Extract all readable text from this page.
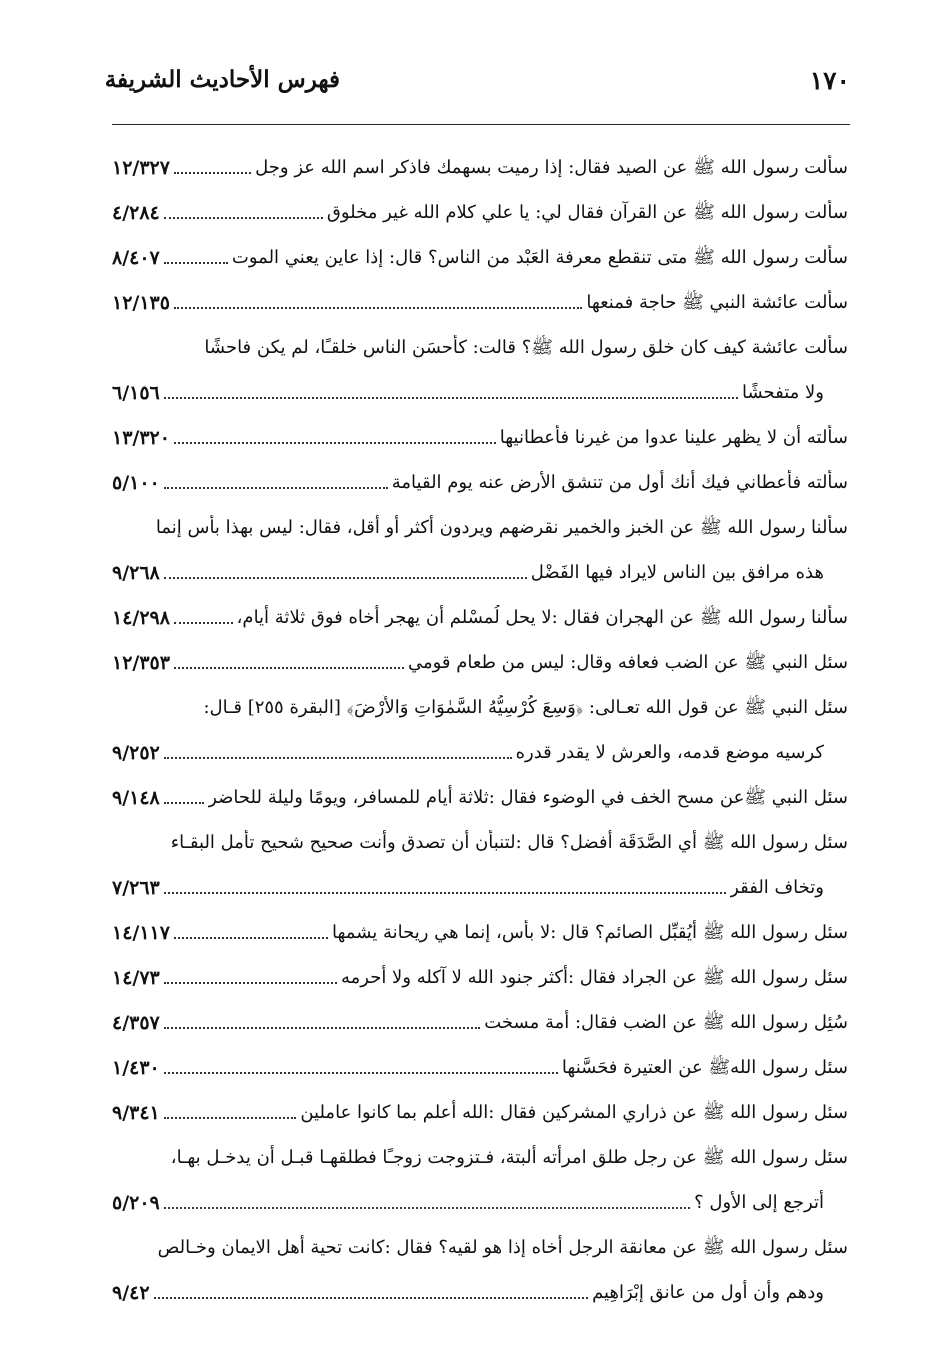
١٧٠
فهرس الأحاديث الشريفة
سألت رسول الله ﷺ عن الصيد فقال: إذا رميت بسهمك فاذكر اسم الله عز وجل
١٢/٣٢٧
سألت رسول الله ﷺ عن القرآن فقال لي: يا علي كلام الله غير مخلوق
٤/٢٨٤
سألت رسول الله ﷺ متى تنقطع معرفة العَبْد من الناس؟ قال: إذا عاين يعني الموت
٨/٤٠٧
سألت عائشة النبي ﷺ حاجة فمنعها
١٢/١٣٥
سألت عائشة كيف كان خلق رسول الله ﷺ؟ قالت: كأَحسَن الناس خلقـًا، لم يكن فاحشًا
ولا متفحشًا
٦/١٥٦
سألته أن لا يظهر علينا عدوا من غيرنا فأعطانيها
١٣/٣٢٠
سألته فأعطاني فيك أنك أول من تنشق الأرض عنه يوم القيامة
٥/١٠٠
سألنا رسول الله ﷺ عن الخبز والخمير نقرضهم ويردون أكثر أو أقل، فقال: ليس بهذا بأس إنما
هذه مرافق بين الناس لايراد فيها الفَضْل
٩/٢٦٨
سألنا رسول الله ﷺ عن الهجران فقال :لا يحل لُمسْلم أن يهجر أخاه فوق ثلاثة أيام،
١٤/٢٩٨
سئل النبي ﷺ عن الضب فعافه وقال: ليس من طعام قومي
١٢/٣٥٣
سئل النبي ﷺ عن قول الله تعـالى: ﴿وَسِعَ كُرْسِيُّهُ السَّمٰوَاتِ وَالأَرْضَ﴾ [البقرة ٢٥٥] قـال:
كرسيه موضع قدمه، والعرش لا يقدر قدره
٩/٢٥٢
سئل النبي ﷺعن مسح الخف في الوضوء فقال :ثلاثة أيام للمسافر، ويومًا وليلة للحاضر
٩/١٤٨
سئل رسول الله ﷺ أي الصَّدَقَة أفضل؟ قال :لتنبأن أن تصدق وأنت صحيح شحيح تأمل البقـاء
وتخاف الفقر
٧/٢٦٣
سئل رسول الله ﷺ أيُقبِّل الصائم؟ قال :لا بأس، إنما هي ريحانة يشمها
١٤/١١٧
سئل رسول الله ﷺ عن الجراد فقال :أكثر جنود الله لا آكله ولا أحرمه
١٤/٧٣
سُئِل رسول الله ﷺ عن الضب فقال: أمة مسخت
٤/٣٥٧
سئل رسول اللهﷺ عن العتيرة فحَسَّنها
١/٤٣٠
سئل رسول الله ﷺ عن ذراري المشركين فقال :الله أعلم بما كانوا عاملين
٩/٣٤١
سئل رسول الله ﷺ عن رجل طلق امرأته ألبتة، فـتزوجت زوجـًا فطلقهـا قبـل أن يدخـل بهـا،
أترجع إلى الأول ؟
٥/٢٠٩
سئل رسول الله ﷺ عن معانقة الرجل أخاه إذا هو لقيه؟ فقال :كانت تحية أهل الايمان وخـالص
ودهم وأن أول من عانق إبْرَاهِيم
٩/٤٢
